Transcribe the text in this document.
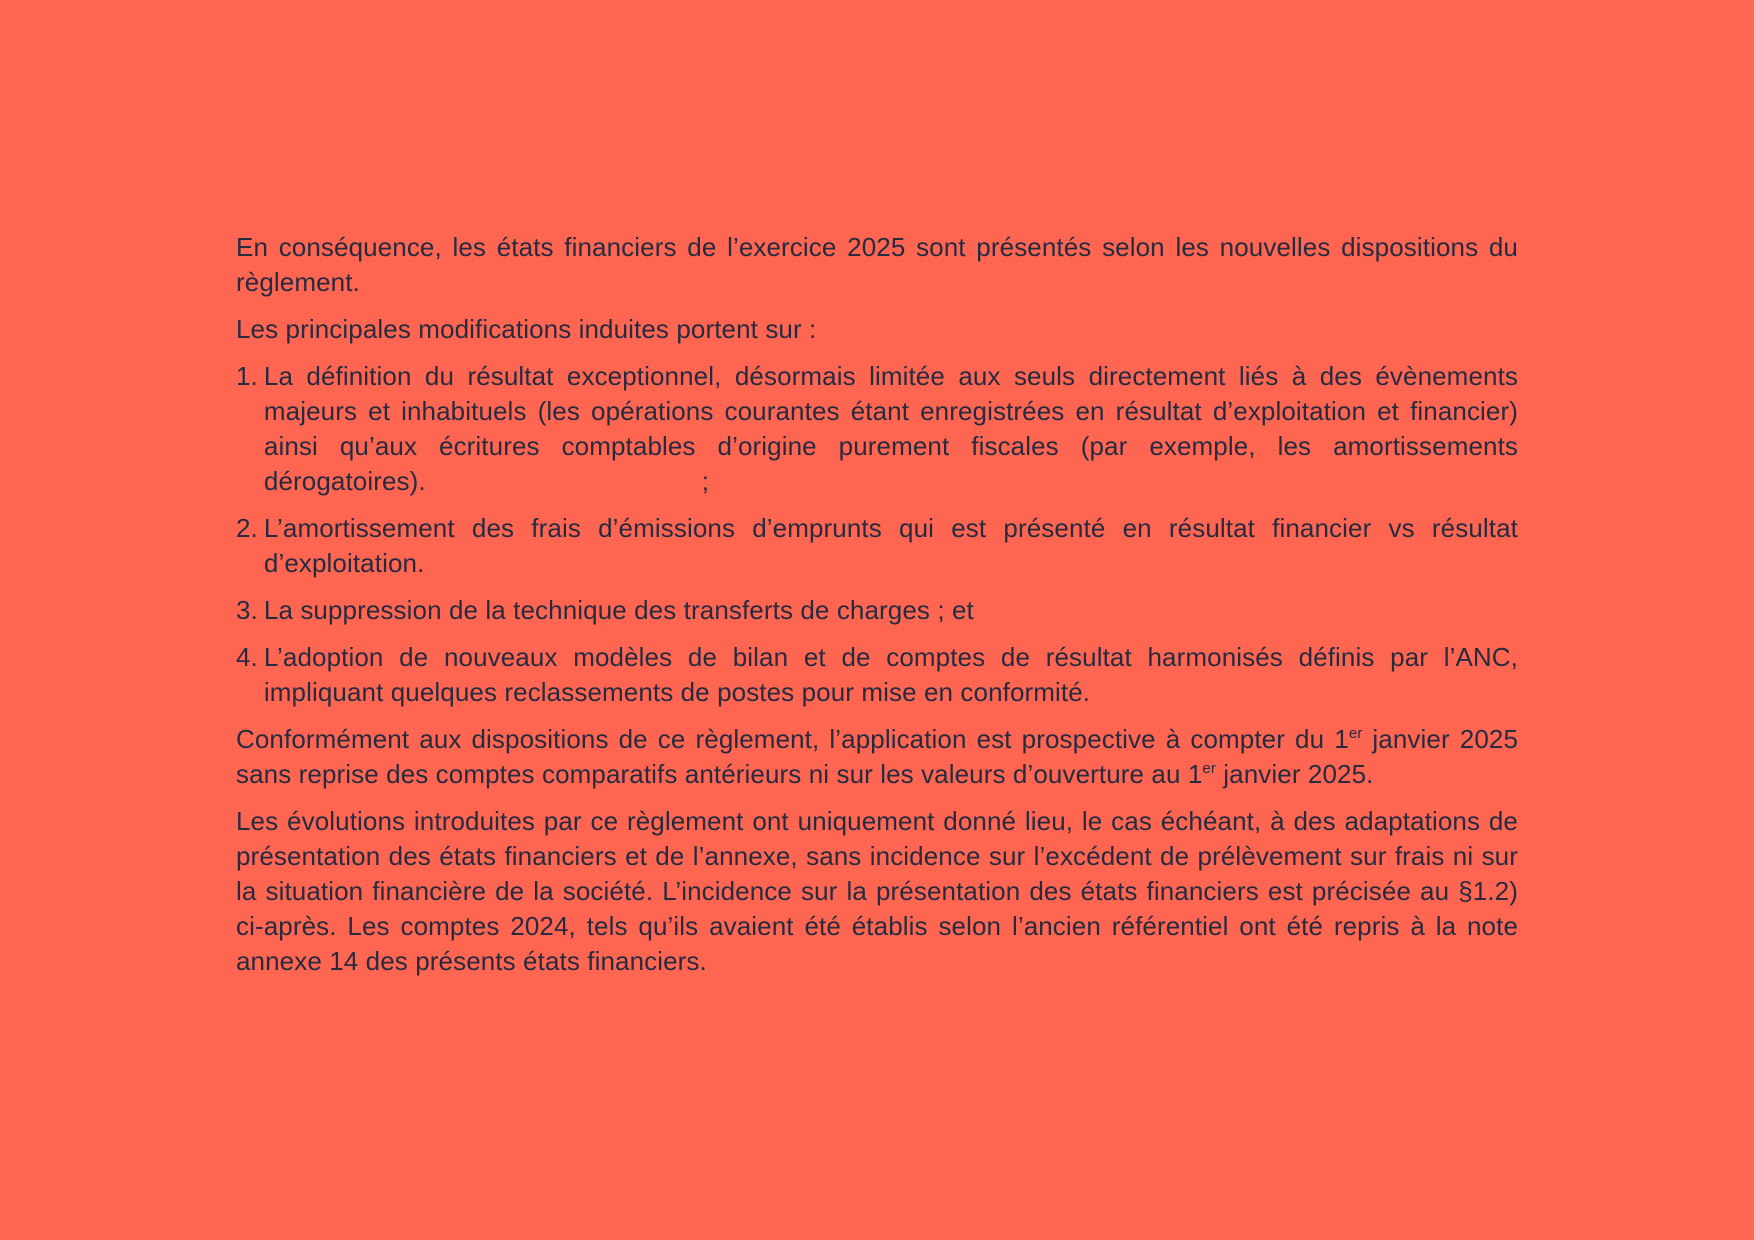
En conséquence, les états financiers de l’exercice 2025 sont présentés selon les nouvelles dispositions du règlement.

Les principales modifications induites portent sur :

1. La définition du résultat exceptionnel, désormais limitée aux seuls directement liés à des évènements majeurs et inhabituels (les opérations courantes étant enregistrées en résultat d’exploitation et financier) ainsi qu’aux écritures comptables d’origine purement fiscales (par exemple, les amortissements dérogatoires).	;
2. L’amortissement des frais d’émissions d’emprunts qui est présenté en résultat financier vs résultat d’exploitation.
3. La suppression de la technique des transferts de charges ; et
4. L’adoption de nouveaux modèles de bilan et de comptes de résultat harmonisés définis par l’ANC, impliquant quelques reclassements de postes pour mise en conformité.

Conformément aux dispositions de ce règlement, l’application est prospective à compter du 1er janvier 2025 sans reprise des comptes comparatifs antérieurs ni sur les valeurs d’ouverture au 1er janvier 2025.

Les évolutions introduites par ce règlement ont uniquement donné lieu, le cas échéant, à des adaptations de présentation des états financiers et de l’annexe, sans incidence sur l’excédent de prélèvement sur frais ni sur la situation financière de la société. L’incidence sur la présentation des états financiers est précisée au §1.2) ci-après. Les comptes 2024, tels qu’ils avaient été établis selon l’ancien référentiel ont été repris à la note annexe 14 des présents états financiers.
